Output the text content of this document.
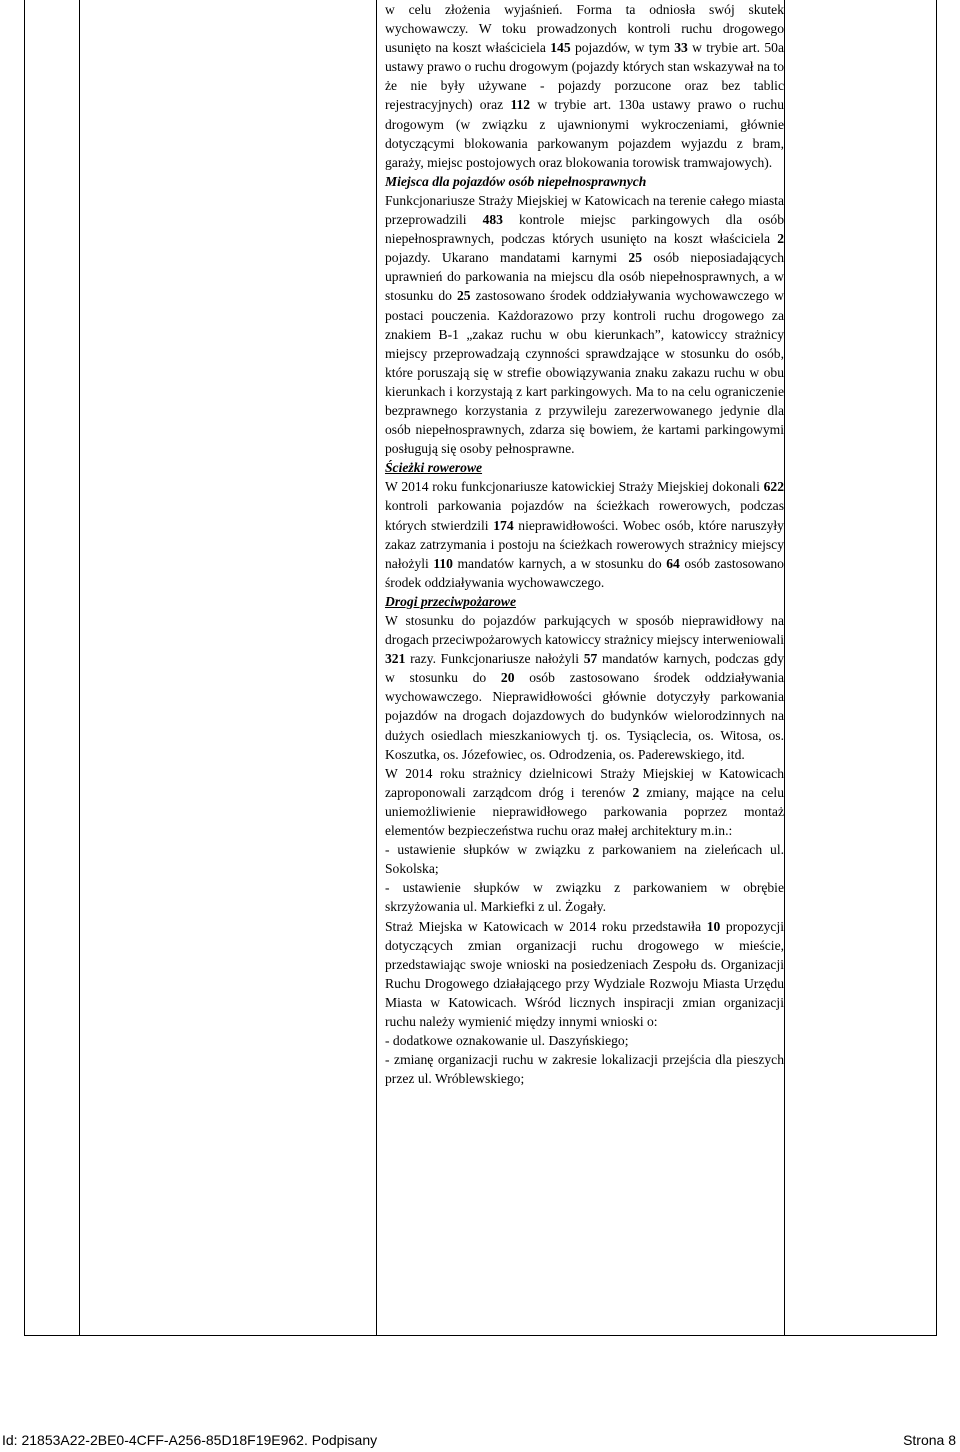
w celu złożenia wyjaśnień. Forma ta odniosła swój skutek wychowawczy. W toku prowadzonych kontroli ruchu drogowego usunięto na koszt właściciela 145 pojazdów, w tym 33 w trybie art. 50a ustawy prawo o ruchu drogowym (pojazdy których stan wskazywał na to że nie były używane - pojazdy porzucone oraz bez tablic rejestracyjnych) oraz 112 w trybie art. 130a ustawy prawo o ruchu drogowym (w związku z ujawnionymi wykroczeniami, głównie dotyczącymi blokowania parkowanym pojazdem wyjazdu z bram, garaży, miejsc postojowych oraz blokowania torowisk tramwajowych).

Miejsca dla pojazdów osób niepełnosprawnych

Funkcjonariusze Straży Miejskiej w Katowicach na terenie całego miasta przeprowadzili 483 kontrole miejsc parkingowych dla osób niepełnosprawnych, podczas których usunięto na koszt właściciela 2 pojazdy. Ukarano mandatami karnymi 25 osób nieposiadających uprawnień do parkowania na miejscu dla osób niepełnosprawnych, a w stosunku do 25 zastosowano środek oddziaływania wychowawczego w postaci pouczenia. Każdorazowo przy kontroli ruchu drogowego za znakiem B-1 „zakaz ruchu w obu kierunkach”, katowiccy strażnicy miejscy przeprowadzają czynności sprawdzające w stosunku do osób, które poruszają się w strefie obowiązywania znaku zakazu ruchu w obu kierunkach i korzystają z kart parkingowych. Ma to na celu ograniczenie bezprawnego korzystania z przywileju zarezerwowanego jedynie dla osób niepełnosprawnych, zdarza się bowiem, że kartami parkingowymi posługują się osoby pełnosprawne.

Ścieżki rowerowe

W 2014 roku funkcjonariusze katowickiej Straży Miejskiej dokonali 622 kontroli parkowania pojazdów na ścieżkach rowerowych, podczas których stwierdzili 174 nieprawidłowości. Wobec osób, które naruszyły zakaz zatrzymania i postoju na ścieżkach rowerowych strażnicy miejscy nałożyli 110 mandatów karnych, a w stosunku do 64 osób zastosowano środek oddziaływania wychowawczego.

Drogi przeciwpożarowe

W stosunku do pojazdów parkujących w sposób nieprawidłowy na drogach przeciwpożarowych katowiccy strażnicy miejscy interweniowali 321 razy. Funkcjonariusze nałożyli 57 mandatów karnych, podczas gdy w stosunku do 20 osób zastosowano środek oddziaływania wychowawczego. Nieprawidłowości głównie dotyczyły parkowania pojazdów na drogach dojazdowych do budynków wielorodzinnych na dużych osiedlach mieszkaniowych tj. os. Tysiąclecia, os. Witosa, os. Koszutka, os. Józefowiec, os. Odrodzenia, os. Paderewskiego, itd.

W 2014 roku strażnicy dzielnicowi Straży Miejskiej w Katowicach zaproponowali zarządcom dróg i terenów 2 zmiany, mające na celu uniemożliwienie nieprawidłowego parkowania poprzez montaż elementów bezpieczeństwa ruchu oraz małej architektury m.in.:

- ustawienie słupków w związku z parkowaniem na zieleńcach ul. Sokolska;

- ustawienie słupków w związku z parkowaniem w obrębie skrzyżowania ul. Markiefki z ul. Żogały.

Straż Miejska w Katowicach w 2014 roku przedstawiła 10 propozycji dotyczących zmian organizacji ruchu drogowego w mieście, przedstawiając swoje wnioski na posiedzeniach Zespołu ds. Organizacji Ruchu Drogowego działającego przy Wydziale Rozwoju Miasta Urzędu Miasta w Katowicach. Wśród licznych inspiracji zmian organizacji ruchu należy wymienić między innymi wnioski o:

- dodatkowe oznakowanie ul. Daszyńskiego;

- zmianę organizacji ruchu w zakresie lokalizacji przejścia dla pieszych przez ul. Wróblewskiego;

Id: 21853A22-2BE0-4CFF-A256-85D18F19E962. Podpisany	Strona 8
